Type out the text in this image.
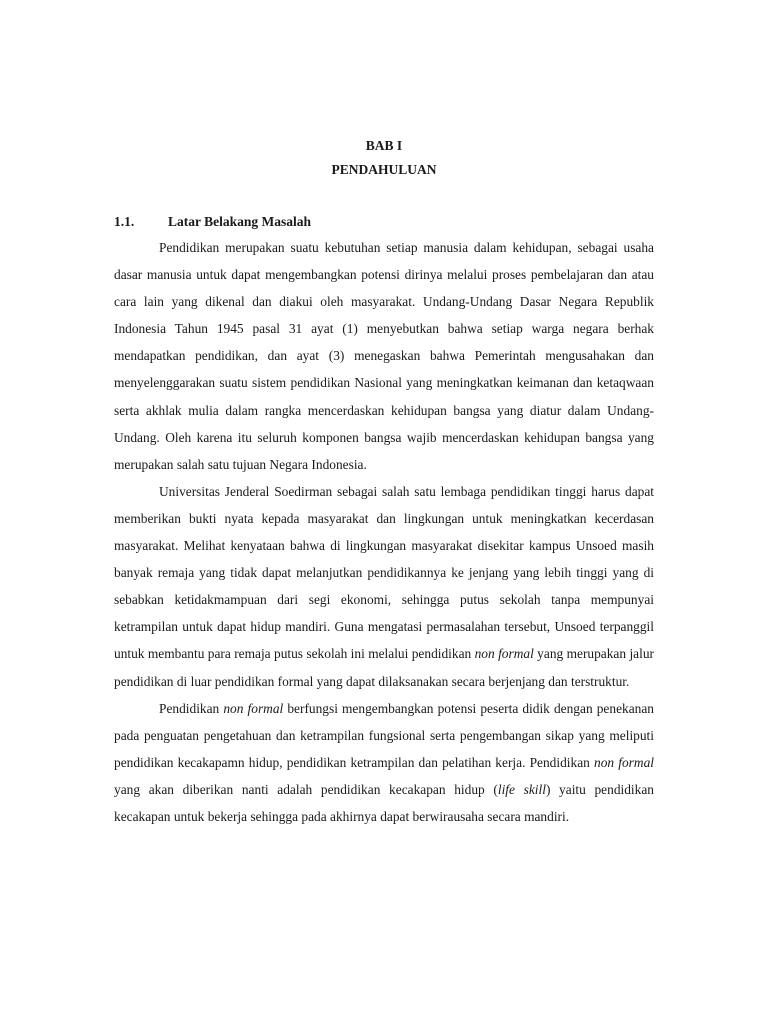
BAB I
PENDAHULUAN
1.1.	Latar Belakang Masalah

Pendidikan merupakan suatu kebutuhan setiap manusia dalam kehidupan, sebagai usaha dasar manusia untuk dapat mengembangkan potensi dirinya melalui proses pembelajaran dan atau cara lain yang dikenal dan diakui oleh masyarakat. Undang-Undang Dasar Negara Republik Indonesia Tahun 1945 pasal 31 ayat (1) menyebutkan bahwa setiap warga negara berhak mendapatkan pendidikan, dan ayat (3) menegaskan bahwa Pemerintah mengusahakan dan menyelenggarakan suatu sistem pendidikan Nasional yang meningkatkan keimanan dan ketaqwaan serta akhlak mulia dalam rangka mencerdaskan kehidupan bangsa yang diatur dalam Undang-Undang. Oleh karena itu seluruh komponen bangsa wajib mencerdaskan kehidupan bangsa yang merupakan salah satu tujuan Negara Indonesia.

Universitas Jenderal Soedirman sebagai salah satu lembaga pendidikan tinggi harus dapat memberikan bukti nyata kepada masyarakat dan lingkungan untuk meningkatkan kecerdasan masyarakat. Melihat kenyataan bahwa di lingkungan masyarakat disekitar kampus Unsoed masih banyak remaja yang tidak dapat melanjutkan pendidikannya ke jenjang yang lebih tinggi yang di sebabkan ketidakmampuan dari segi ekonomi, sehingga putus sekolah tanpa mempunyai ketrampilan untuk dapat hidup mandiri. Guna mengatasi permasalahan tersebut, Unsoed terpanggil untuk membantu para remaja putus sekolah ini melalui pendidikan non formal yang merupakan jalur pendidikan di luar pendidikan formal yang dapat dilaksanakan secara berjenjang dan terstruktur.

Pendidikan non formal berfungsi mengembangkan potensi peserta didik dengan penekanan pada penguatan pengetahuan dan ketrampilan fungsional serta pengembangan sikap yang meliputi pendidikan kecakapamn hidup, pendidikan ketrampilan dan pelatihan kerja. Pendidikan non formal yang akan diberikan nanti adalah pendidikan kecakapan hidup (life skill) yaitu pendidikan kecakapan untuk bekerja sehingga pada akhirnya dapat berwirausaha secara mandiri.
